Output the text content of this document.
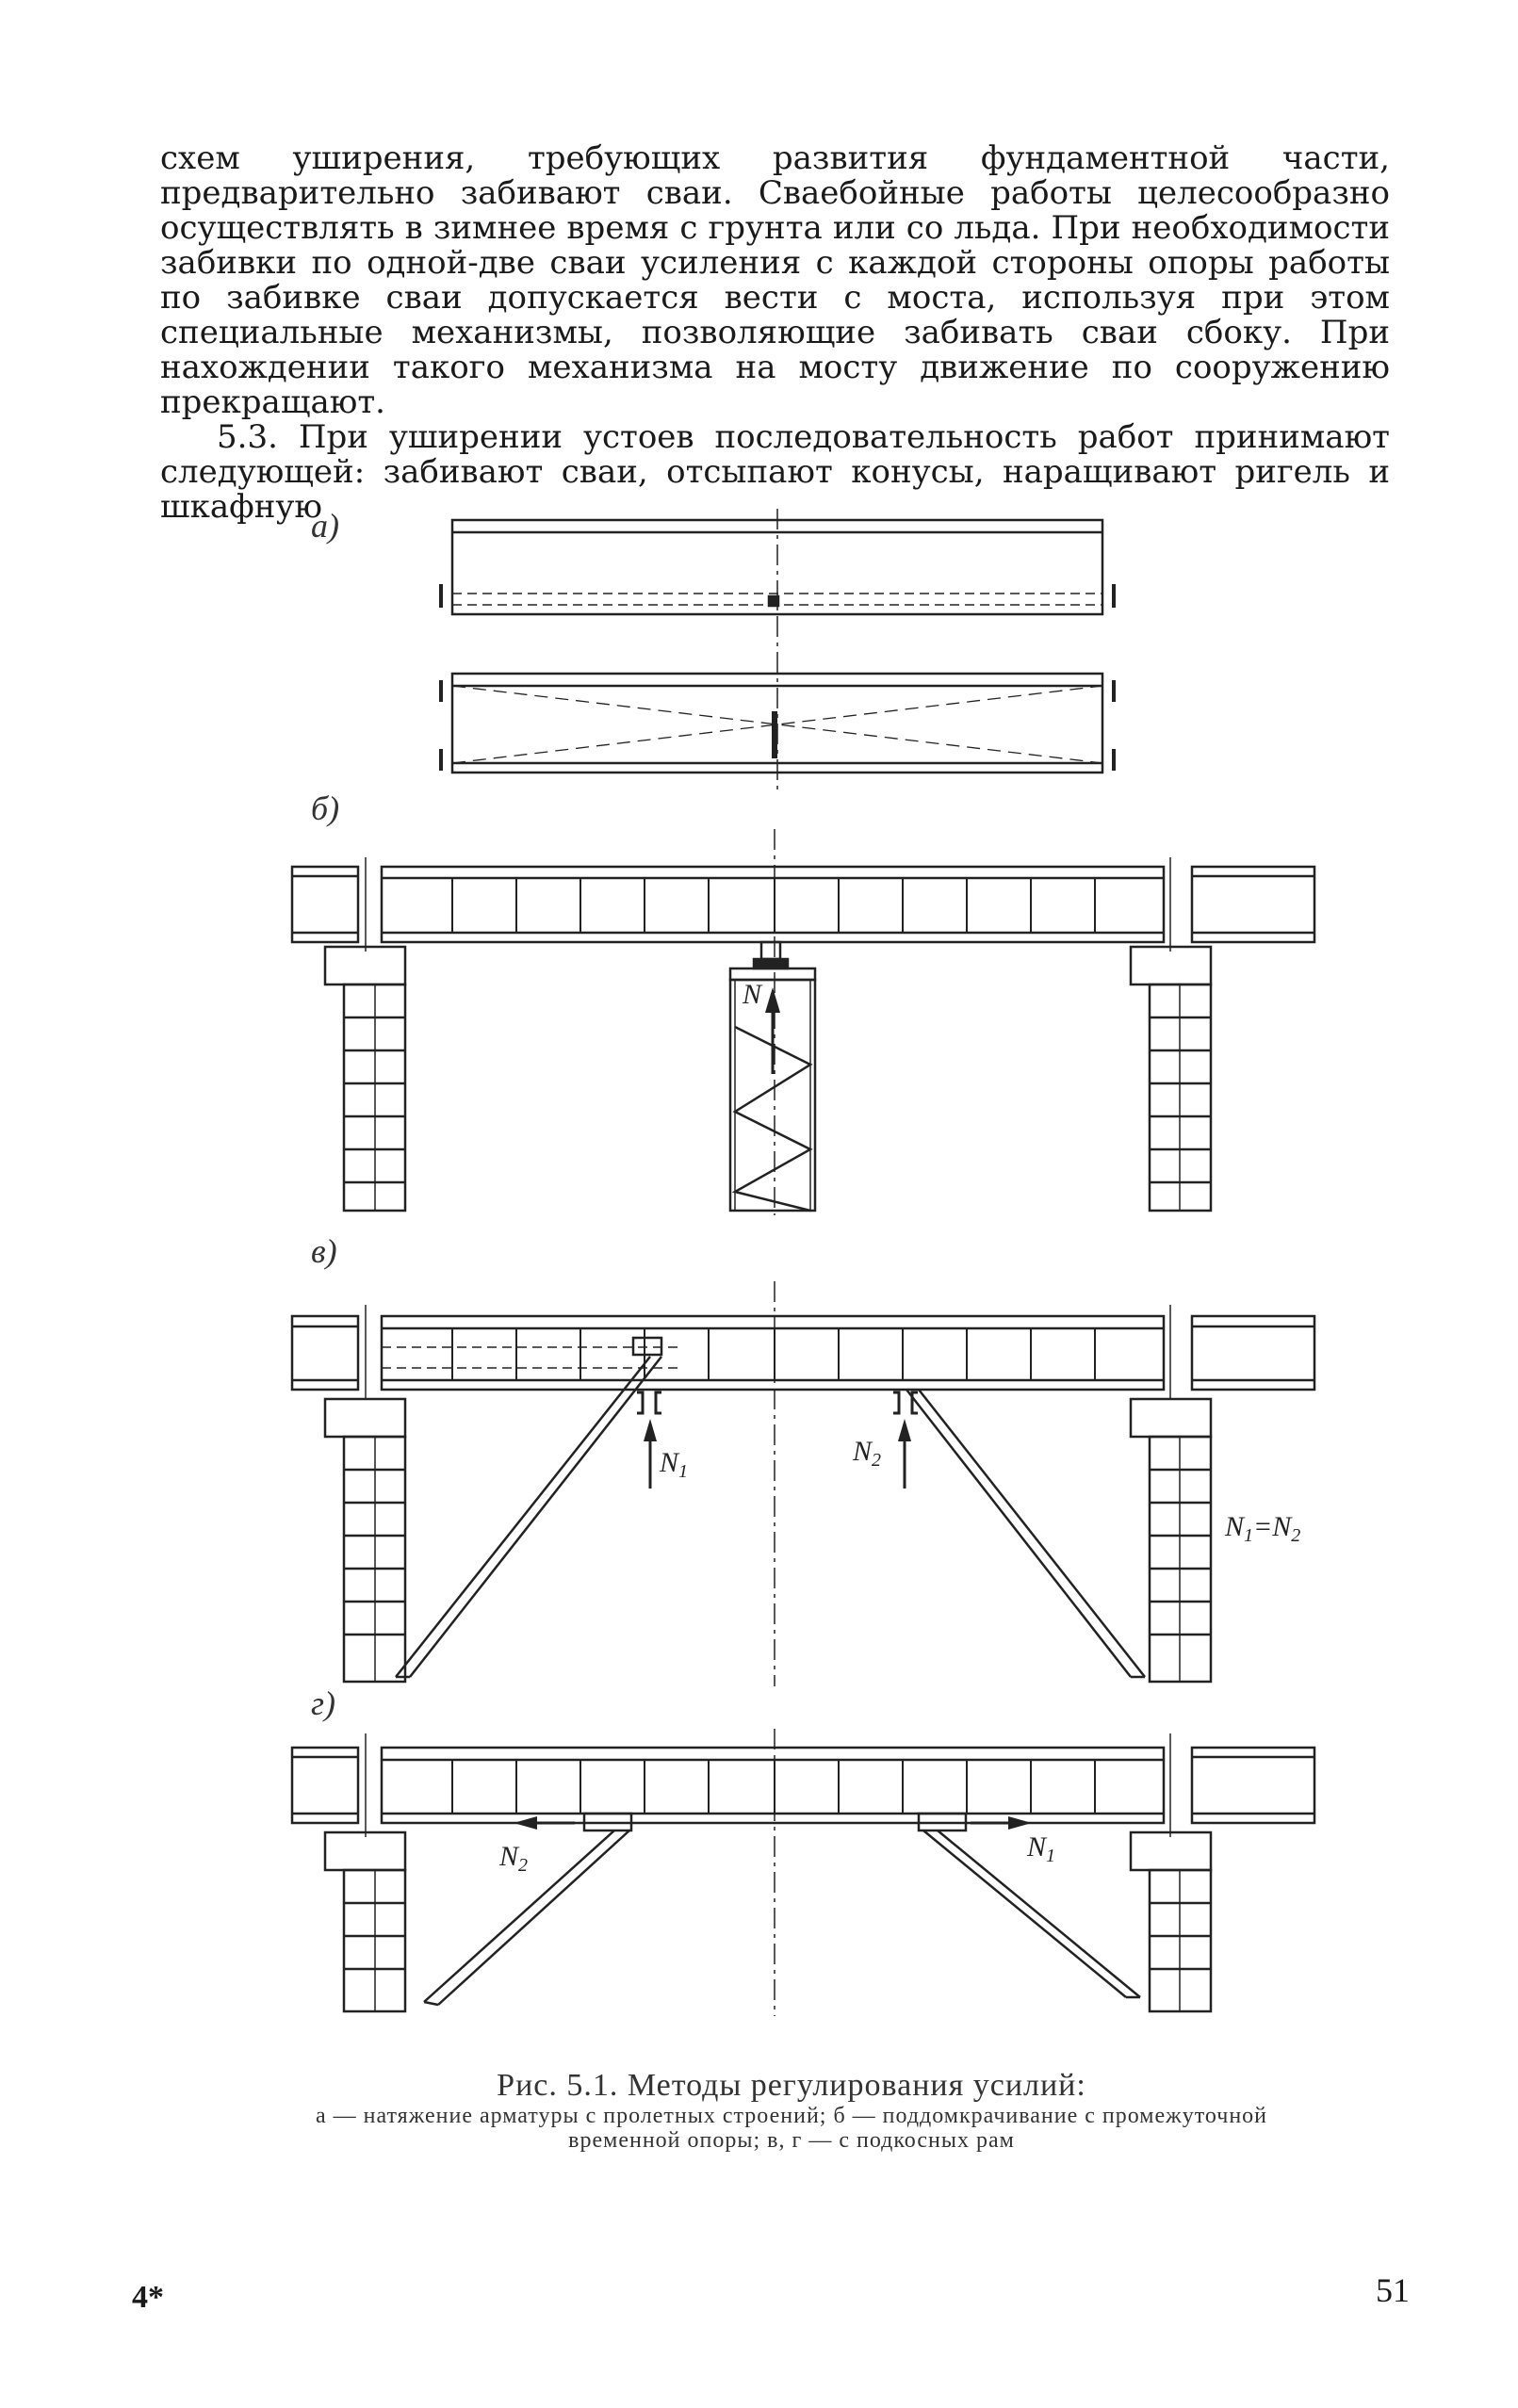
схем уширения, требующих развития фундаментной части, предварительно забивают сваи. Сваебойные работы целесообразно осуществлять в зимнее время с грунта или со льда. При необходимости забивки по одной-две сваи усиления с каждой стороны опоры работы по забивке сваи допускается вести с моста, используя при этом специальные механизмы, позволяющие забивать сваи сбоку. При нахождении такого механизма на мосту движение по сооружению прекращают.

5.3. При уширении устоев последовательность работ принимают следующей: забивают сваи, отсыпают конусы, наращивают ригель и шкафную

а)
б)
N
в)
$N_1$
$N_2$
$N_1=N_2$
г)
$N_2$
$N_1$
Рис. 5.1. Методы регулирования усилий:
а — натяжение арматуры с пролетных строений; б — поддомкрачивание с промежуточной
временной опоры; в, г — с подкосных рам
4*	51
